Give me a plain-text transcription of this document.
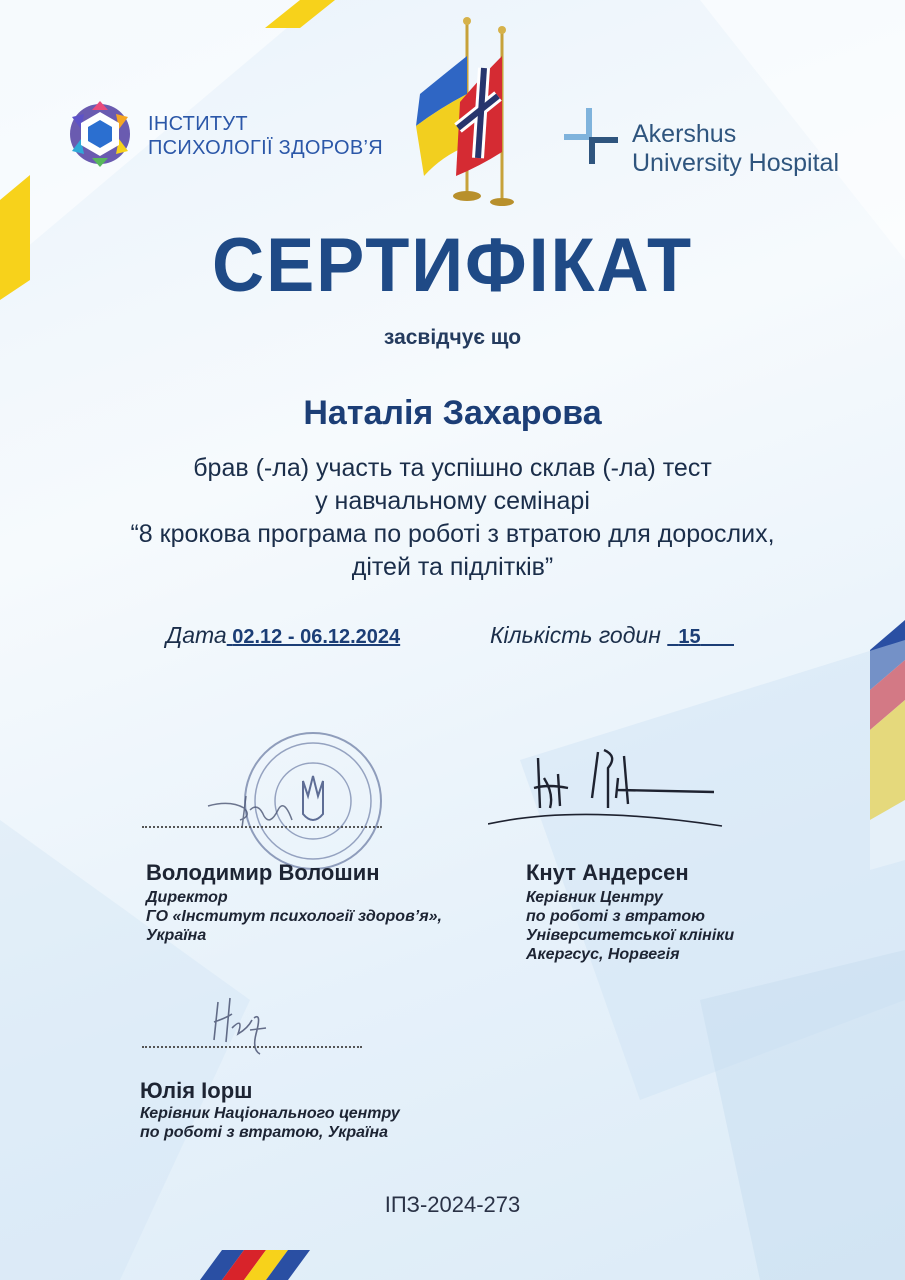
ІНСТИТУТ
ПСИХОЛОГІЇ ЗДОРОВ’Я	Akershus
University Hospital
СЕРТИФІКАТ
засвідчує що
Наталія Захарова
брав (-ла) участь та успішно склав (-ла) тест
у навчальному семінарі
“8 крокова програма по роботі з втратою для дорослих,
дітей та підлітків”
Дата 02.12 - 06.12.2024	Кількість годин 15
Володимир Волошин
Директор
ГО «Інститут психології здоров’я»,
Україна
Кнут Андерсен
Керівник Центру
по роботі з втратою
Університетської клініки
Акергсус, Норвегія
Юлія Іорш
Керівник Національного центру
по роботі з втратою, Україна
ІПЗ-2024-273
